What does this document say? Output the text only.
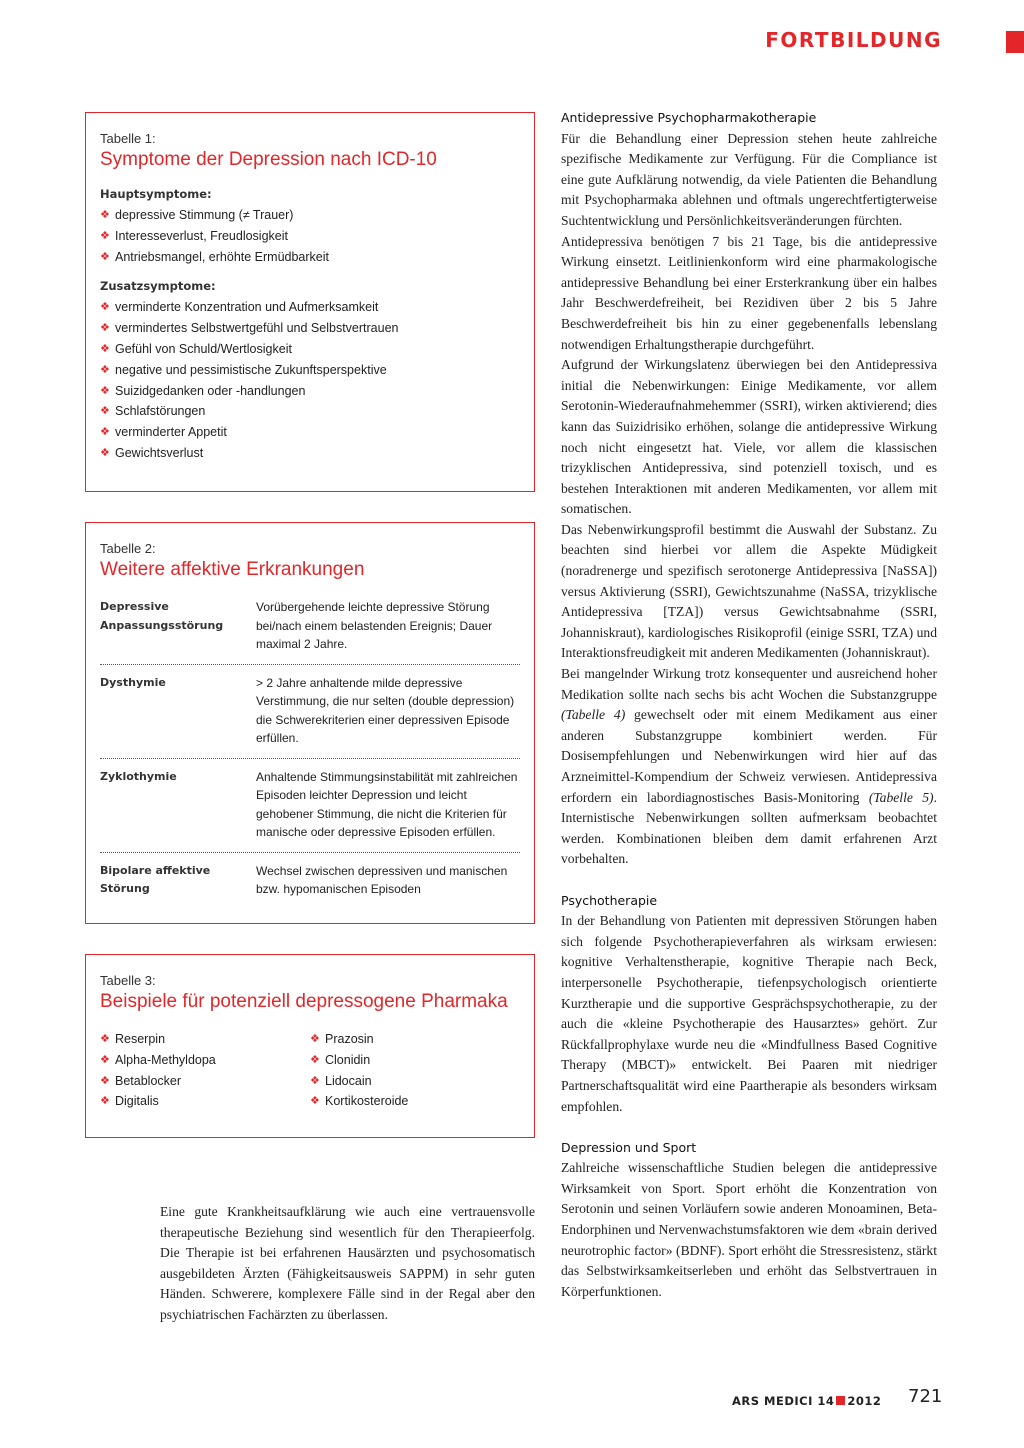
FORTBILDUNG
Tabelle 1:
Symptome der Depression nach ICD-10
Hauptsymptome:
❖ depressive Stimmung (≠ Trauer)
❖ Interesseverlust, Freudlosigkeit
❖ Antriebsmangel, erhöhte Ermüdbarkeit
Zusatzsymptome:
❖ verminderte Konzentration und Aufmerksamkeit
❖ vermindertes Selbstwertgefühl und Selbstvertrauen
❖ Gefühl von Schuld/Wertlosigkeit
❖ negative und pessimistische Zukunftsperspektive
❖ Suizidgedanken oder -handlungen
❖ Schlafstörungen
❖ verminderter Appetit
❖ Gewichtsverlust
Tabelle 2:
Weitere affektive Erkrankungen
Depressive Anpassungsstörung
Vorübergehende leichte depressive Störung bei/nach einem belastenden Ereignis; Dauer maximal 2 Jahre.
Dysthymie	> 2 Jahre anhaltende milde depressive Verstimmung, die nur selten (double depression) die Schwerekriterien einer depressiven Episode erfüllen.
Zyklothymie	Anhaltende Stimmungsinstabilität mit zahlreichen Episoden leichter Depression und leicht gehobener Stimmung, die nicht die Kriterien für manische oder depressive Episoden erfüllen.
Bipolare affektive Störung
Wechsel zwischen depressiven und manischen bzw. hypomanischen Episoden
Tabelle 3:
Beispiele für potenziell depressogene Pharmaka
❖ Reserpin
❖ Alpha-Methyldopa
❖ Betablocker
❖ Digitalis
❖ Prazosin
❖ Clonidin
❖ Lidocain
❖ Kortikosteroide

Eine gute Krankheitsaufklärung wie auch eine vertrauensvolle therapeutische Beziehung sind wesentlich für den Therapieerfolg. Die Therapie ist bei erfahrenen Hausärzten und psychosomatisch ausgebildeten Ärzten (Fähigkeitsausweis SAPPM) in sehr guten Händen. Schwerere, komplexere Fälle sind in der Regal aber den psychiatrischen Fachärzten zu überlassen.

Antidepressive Psychopharmakotherapie

Für die Behandlung einer Depression stehen heute zahlreiche spezifische Medikamente zur Verfügung. Für die Compliance ist eine gute Aufklärung notwendig, da viele Patienten die Behandlung mit Psychopharmaka ablehnen und oftmals ungerechtfertigterweise Suchtentwicklung und Persönlichkeitsveränderungen fürchten.

Antidepressiva benötigen 7 bis 21 Tage, bis die antidepressive Wirkung einsetzt. Leitlinienkonform wird eine pharmakologische antidepressive Behandlung bei einer Ersterkrankung über ein halbes Jahr Beschwerdefreiheit, bei Rezidiven über 2 bis 5 Jahre Beschwerdefreiheit bis hin zu einer gegebenenfalls lebenslang notwendigen Erhaltungstherapie durchgeführt.

Aufgrund der Wirkungslatenz überwiegen bei den Antidepressiva initial die Nebenwirkungen: Einige Medikamente, vor allem Serotonin-Wiederaufnahmehemmer (SSRI), wirken aktivierend; dies kann das Suizidrisiko erhöhen, solange die antidepressive Wirkung noch nicht eingesetzt hat. Viele, vor allem die klassischen trizyklischen Antidepressiva, sind potenziell toxisch, und es bestehen Interaktionen mit anderen Medikamenten, vor allem mit somatischen.

Das Nebenwirkungsprofil bestimmt die Auswahl der Substanz. Zu beachten sind hierbei vor allem die Aspekte Müdigkeit (noradrenerge und spezifisch serotonerge Antidepressiva [NaSSA]) versus Aktivierung (SSRI), Gewichtszunahme (NaSSA, trizyklische Antidepressiva [TZA]) versus Gewichtsabnahme (SSRI, Johanniskraut), kardiologisches Risikoprofil (einige SSRI, TZA) und Interaktionsfreudigkeit mit anderen Medikamenten (Johanniskraut).

Bei mangelnder Wirkung trotz konsequenter und ausreichend hoher Medikation sollte nach sechs bis acht Wochen die Substanzgruppe (Tabelle 4) gewechselt oder mit einem Medikament aus einer anderen Substanzgruppe kombiniert werden. Für Dosisempfehlungen und Nebenwirkungen wird hier auf das Arzneimittel-Kompendium der Schweiz verwiesen. Antidepressiva erfordern ein labordiagnostisches Basis-Monitoring (Tabelle 5). Internistische Nebenwirkungen sollten aufmerksam beobachtet werden. Kombinationen bleiben dem damit erfahrenen Arzt vorbehalten.

Psychotherapie

In der Behandlung von Patienten mit depressiven Störungen haben sich folgende Psychotherapieverfahren als wirksam erwiesen: kognitive Verhaltenstherapie, kognitive Therapie nach Beck, interpersonelle Psychotherapie, tiefenpsychologisch orientierte Kurztherapie und die supportive Gesprächspsychotherapie, zu der auch die «kleine Psychotherapie des Hausarztes» gehört. Zur Rückfallprophylaxe wurde neu die «Mindfullness Based Cognitive Therapy (MBCT)» entwickelt. Bei Paaren mit niedriger Partnerschaftsqualität wird eine Paartherapie als besonders wirksam empfohlen.

Depression und Sport

Zahlreiche wissenschaftliche Studien belegen die antidepressive Wirksamkeit von Sport. Sport erhöht die Konzentration von Serotonin und seinen Vorläufern sowie anderen Monoaminen, Beta-Endorphinen und Nervenwachstumsfaktoren wie dem «brain derived neurotrophic factor» (BDNF). Sport erhöht die Stressresistenz, stärkt das Selbstwirksamkeitserleben und erhöht das Selbstvertrauen in Körperfunktionen.

ARS MEDICI 14 2012 721
